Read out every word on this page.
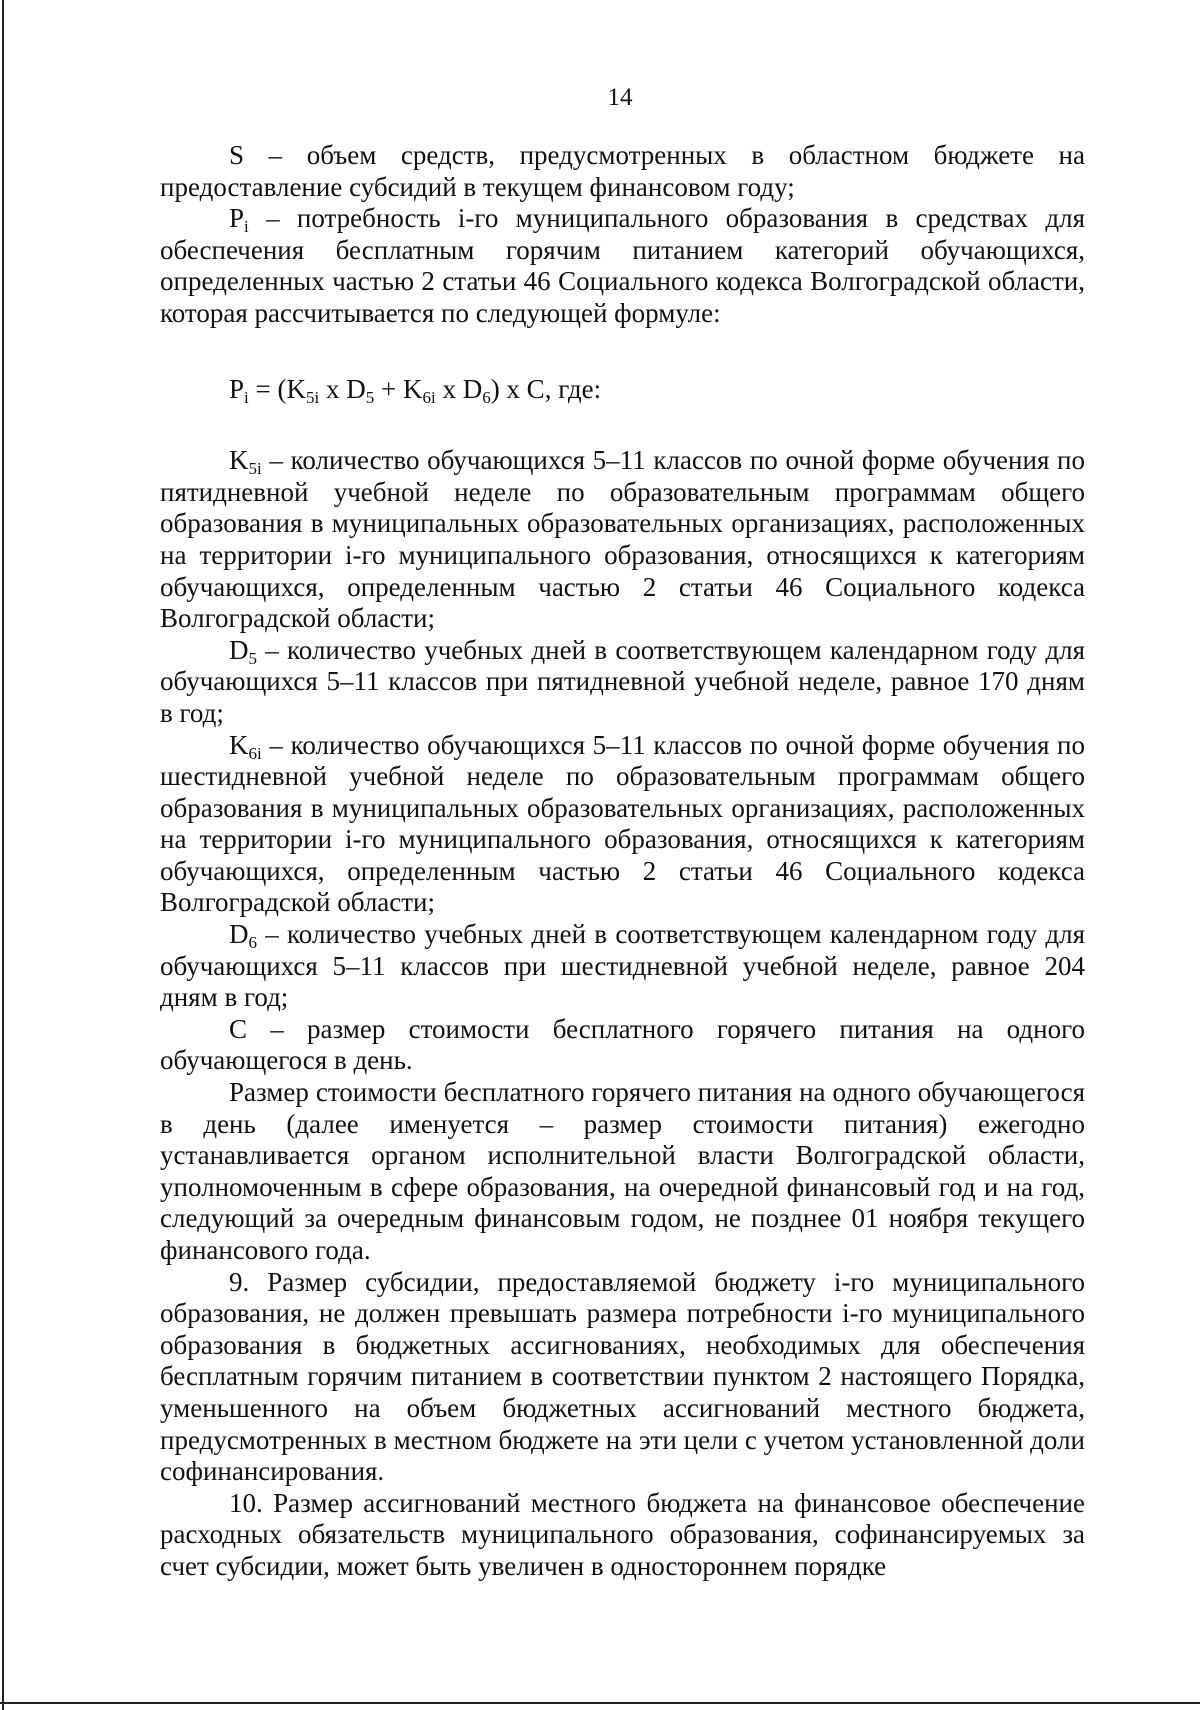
14

S – объем средств, предусмотренных в областном бюджете на предоставление субсидий в текущем финансовом году;

$P_i$ – потребность i-го муниципального образования в средствах для обеспечения бесплатным горячим питанием категорий обучающихся, определенных частью 2 статьи 46 Социального кодекса Волгоградской области, которая рассчитывается по следующей формуле:

$P_i = (K_{5i}$ x $D_5 + K_{6i}$ x $D_6$) x C, где:

$K_{5i}$ – количество обучающихся 5–11 классов по очной форме обучения по пятидневной учебной неделе по образовательным программам общего образования в муниципальных образовательных организациях, расположенных на территории i-го муниципального образования, относящихся к категориям обучающихся, определенным частью 2 статьи 46 Социального кодекса Волгоградской области;

$D_5$ – количество учебных дней в соответствующем календарном году для обучающихся 5–11 классов при пятидневной учебной неделе, равное 170 дням в год;

$K_{6i}$ – количество обучающихся 5–11 классов по очной форме обучения по шестидневной учебной неделе по образовательным программам общего образования в муниципальных образовательных организациях, расположенных на территории i-го муниципального образования, относящихся к категориям обучающихся, определенным частью 2 статьи 46 Социального кодекса Волгоградской области;

$D_6$ – количество учебных дней в соответствующем календарном году для обучающихся 5–11 классов при шестидневной учебной неделе, равное 204 дням в год;

C – размер стоимости бесплатного горячего питания на одного обучающегося в день.

Размер стоимости бесплатного горячего питания на одного обучающегося в день (далее именуется – размер стоимости питания) ежегодно устанавливается органом исполнительной власти Волгоградской области, уполномоченным в сфере образования, на очередной финансовый год и на год, следующий за очередным финансовым годом, не позднее 01 ноября текущего финансового года.

9. Размер субсидии, предоставляемой бюджету i-го муниципального образования, не должен превышать размера потребности i-го муниципального образования в бюджетных ассигнованиях, необходимых для обеспечения бесплатным горячим питанием в соответствии пунктом 2 настоящего Порядка, уменьшенного на объем бюджетных ассигнований местного бюджета, предусмотренных в местном бюджете на эти цели с учетом установленной доли софинансирования.

10. Размер ассигнований местного бюджета на финансовое обеспечение расходных обязательств муниципального образования, софинансируемых за счет субсидии, может быть увеличен в одностороннем порядке
